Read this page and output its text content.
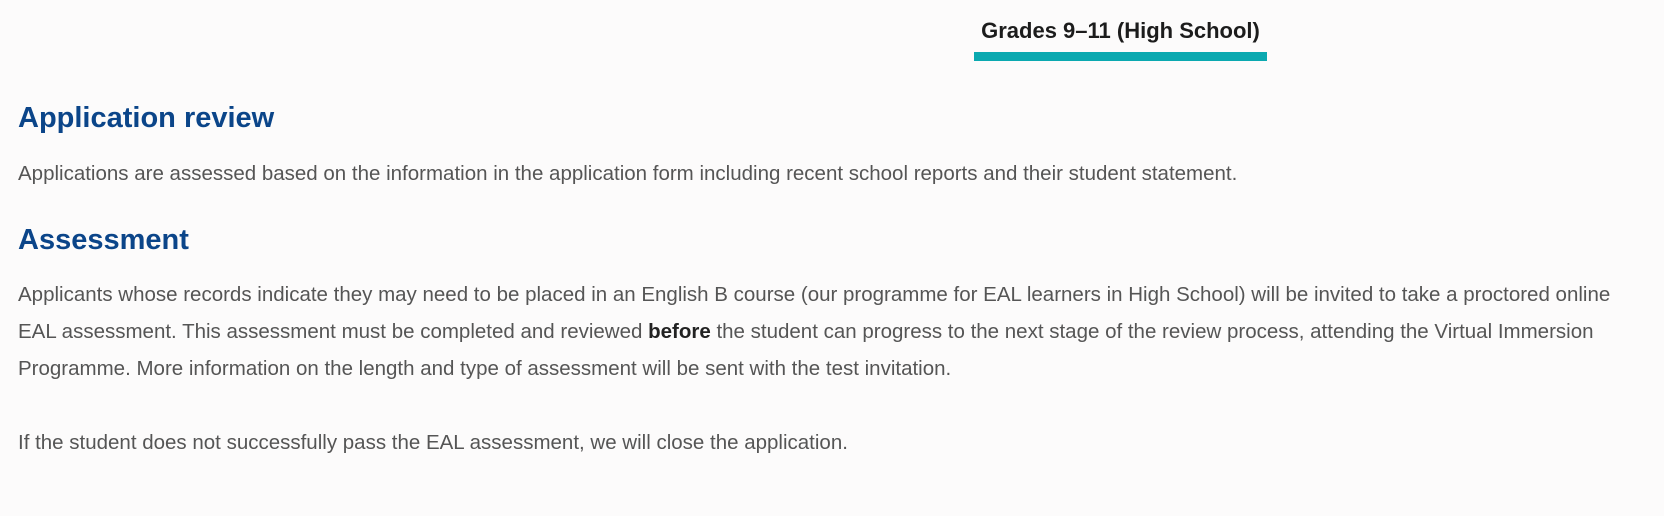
Grades 9–11 (High School)
Application review

Applications are assessed based on the information in the application form including recent school reports and their student statement.

Assessment

Applicants whose records indicate they may need to be placed in an English B course (our programme for EAL learners in High School) will be invited to take a proctored online EAL assessment. This assessment must be completed and reviewed before the student can progress to the next stage of the review process, attending the Virtual Immersion Programme. More information on the length and type of assessment will be sent with the test invitation.

If the student does not successfully pass the EAL assessment, we will close the application.
